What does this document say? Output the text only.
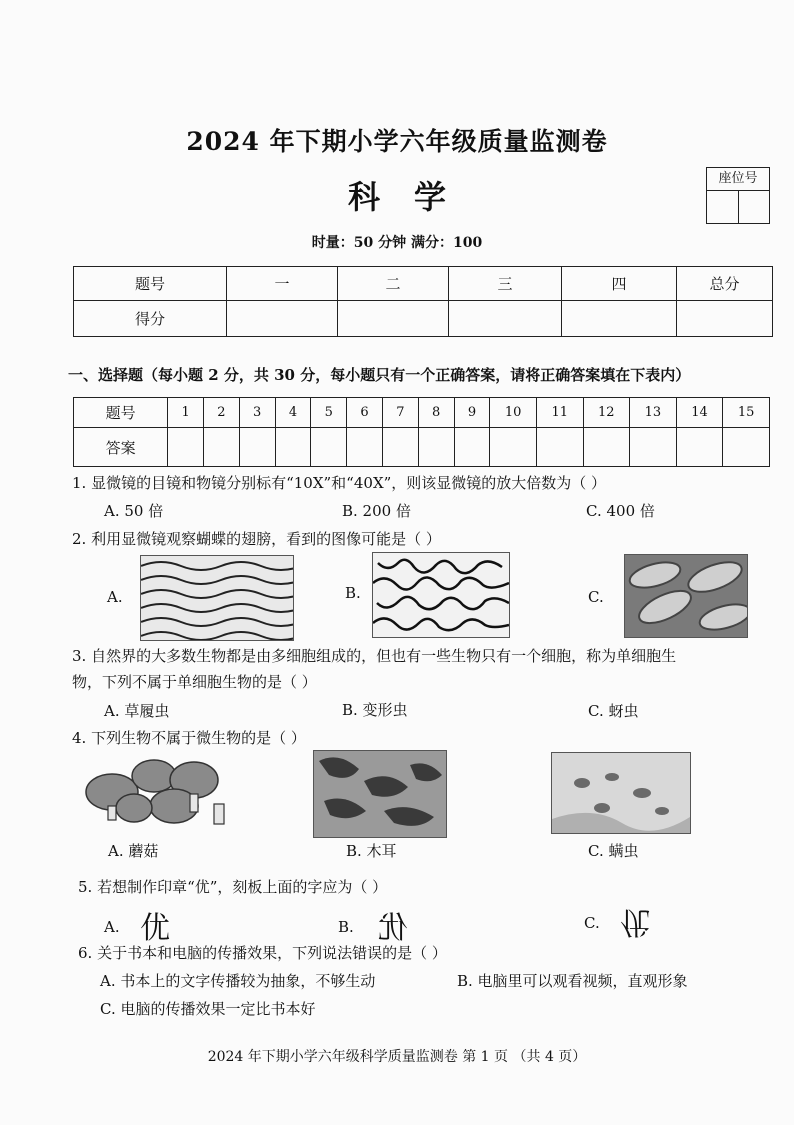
2024 年下期小学六年级质量监测卷
科学	座位号
时量：50 分钟 满分：100
题号	一	二	三	四	总分
得分					
一、选择题（每小题 2 分，共 30 分，每小题只有一个正确答案，请将正确答案填在下表内）
题号	1	2	3	4	5	6	7	8	9	10	11	12	13	14	15
答案															
1. 显微镜的目镜和物镜分别标有“10X”和“40X”，则该显微镜的放大倍数为（ ）
A. 50 倍	B. 200 倍	C. 400 倍
2. 利用显微镜观察蝴蝶的翅膀，看到的图像可能是（ ）
A.	B.	C.
3. 自然界的大多数生物都是由多细胞组成的，但也有一些生物只有一个细胞，称为单细胞生
物，下列不属于单细胞生物的是（ ）
A. 草履虫	B. 变形虫	C. 蚜虫
4. 下列生物不属于微生物的是（ ）
A. 蘑菇	B. 木耳	C. 螨虫
5. 若想制作印章“优”，刻板上面的字应为（ ）
A. 优	B. 优	C. 优
6. 关于书本和电脑的传播效果，下列说法错误的是（ ）
A. 书本上的文字传播较为抽象，不够生动	B. 电脑里可以观看视频，直观形象
C. 电脑的传播效果一定比书本好
2024 年下期小学六年级科学质量监测卷 第 1 页 （共 4 页）
